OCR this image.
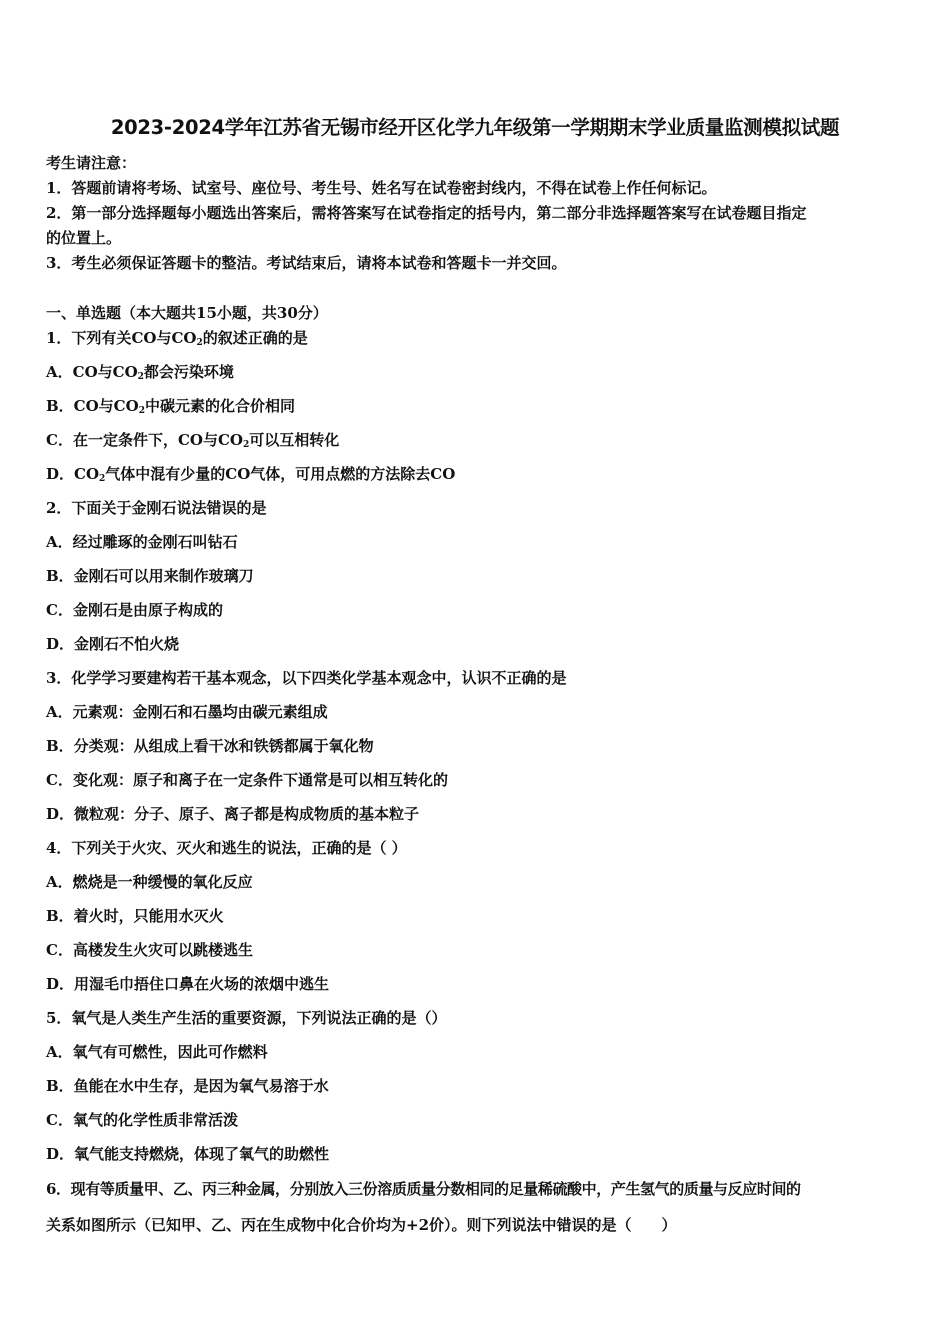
2023-2024学年江苏省无锡市经开区化学九年级第一学期期末学业质量监测模拟试题
考生请注意：
1．答题前请将考场、试室号、座位号、考生号、姓名写在试卷密封线内，不得在试卷上作任何标记。
2．第一部分选择题每小题选出答案后，需将答案写在试卷指定的括号内，第二部分非选择题答案写在试卷题目指定
的位置上。
3．考生必须保证答题卡的整洁。考试结束后，请将本试卷和答题卡一并交回。
一、单选题（本大题共15小题，共30分）
1．下列有关CO与$CO_2$的叙述正确的是
A．CO与$CO_2$都会污染环境
B．CO与$CO_2$中碳元素的化合价相同
C．在一定条件下，CO与$CO_2$可以互相转化
D．$CO_2$气体中混有少量的CO气体，可用点燃的方法除去CO
2．下面关于金刚石说法错误的是
A．经过雕琢的金刚石叫钻石
B．金刚石可以用来制作玻璃刀
C．金刚石是由原子构成的
D．金刚石不怕火烧
3．化学学习要建构若干基本观念，以下四类化学基本观念中，认识不正确的是
A．元素观：金刚石和石墨均由碳元素组成
B．分类观：从组成上看干冰和铁锈都属于氧化物
C．变化观：原子和离子在一定条件下通常是可以相互转化的
D．微粒观：分子、原子、离子都是构成物质的基本粒子
4．下列关于火灾、灭火和逃生的说法，正确的是（ ）
A．燃烧是一种缓慢的氧化反应
B．着火时，只能用水灭火
C．高楼发生火灾可以跳楼逃生
D．用湿毛巾捂住口鼻在火场的浓烟中逃生
5．氧气是人类生产生活的重要资源，下列说法正确的是（）
A．氧气有可燃性，因此可作燃料
B．鱼能在水中生存，是因为氧气易溶于水
C．氧气的化学性质非常活泼
D．氧气能支持燃烧，体现了氧气的助燃性
6．现有等质量甲、乙、丙三种金属，分别放入三份溶质质量分数相同的足量稀硫酸中，产生氢气的质量与反应时间的
关系如图所示（已知甲、乙、丙在生成物中化合价均为+2价）。则下列说法中错误的是（　　）
